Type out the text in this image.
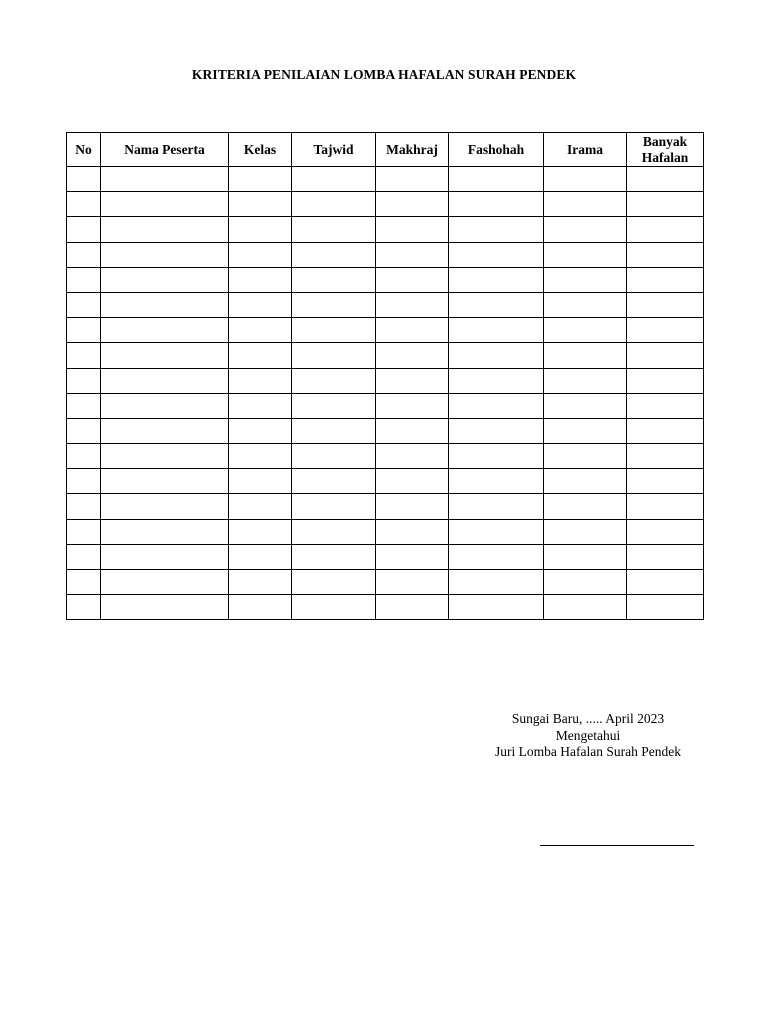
KRITERIA PENILAIAN LOMBA HAFALAN SURAH PENDEK
No	Nama Peserta	Kelas	Tajwid	Makhraj	Fashohah	Irama	Banyak Hafalan

Sungai Baru, ..... April 2023
Mengetahui
Juri Lomba Hafalan Surah Pendek
